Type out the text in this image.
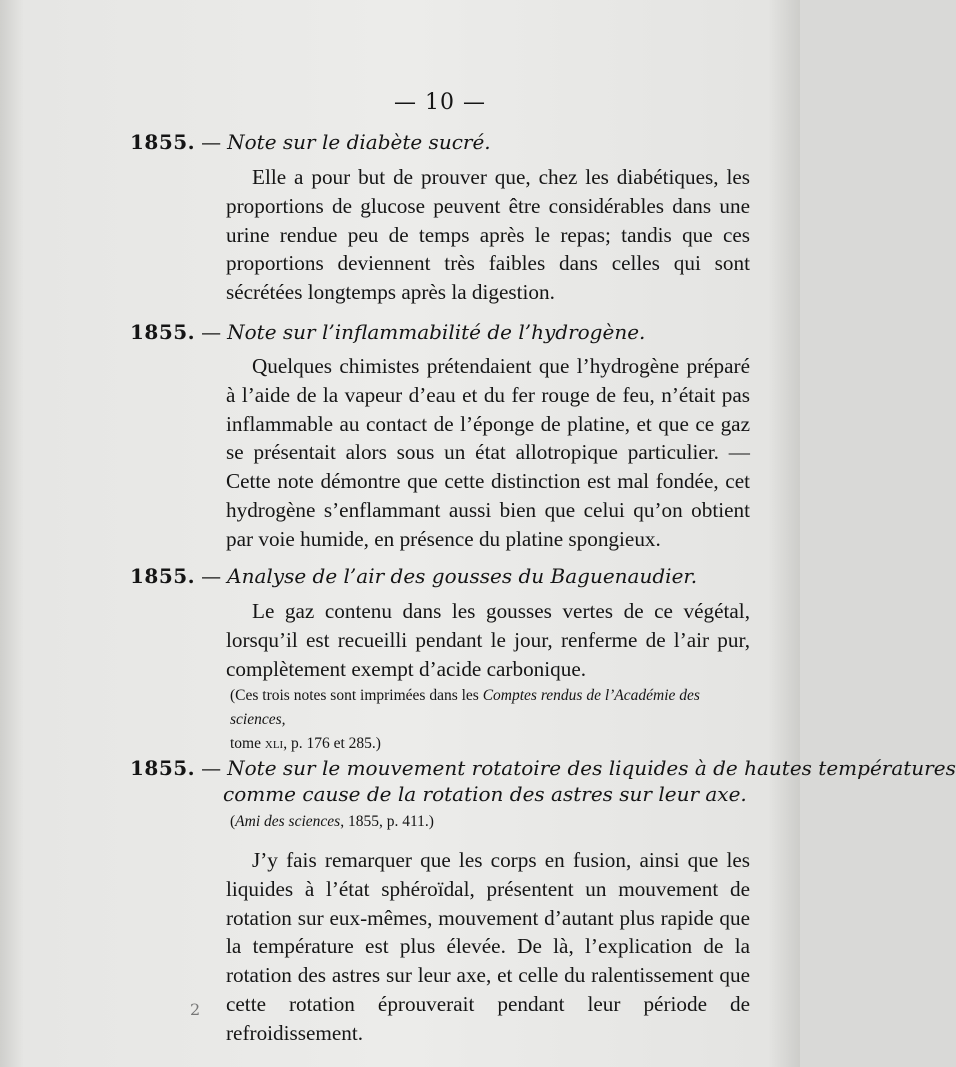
— 10 —
1855. — Note sur le diabète sucré.

Elle a pour but de prouver que, chez les diabétiques, les proportions de glucose peuvent être considérables dans une urine rendue peu de temps après le repas; tandis que ces proportions deviennent très faibles dans celles qui sont sécrétées longtemps après la digestion.

1855. — Note sur l’inflammabilité de l’hydrogène.

Quelques chimistes prétendaient que l’hydrogène préparé à l’aide de la vapeur d’eau et du fer rouge de feu, n’était pas inflammable au contact de l’éponge de platine, et que ce gaz se présentait alors sous un état allotropique particulier. — Cette note démontre que cette distinction est mal fondée, cet hydrogène s’enflammant aussi bien que celui qu’on obtient par voie humide, en présence du platine spongieux.

1855. — Analyse de l’air des gousses du Baguenaudier.

Le gaz contenu dans les gousses vertes de ce végétal, lorsqu’il est recueilli pendant le jour, renferme de l’air pur, complètement exempt d’acide carbonique.

(Ces trois notes sont imprimées dans les Comptes rendus de l’Académie des sciences,
tome xli, p. 176 et 285.)

1855. — Note sur le mouvement rotatoire des liquides à de hautes températures
comme cause de la rotation des astres sur leur axe.

(Ami des sciences, 1855, p. 411.)

J’y fais remarquer que les corps en fusion, ainsi que les liquides à l’état sphéroïdal, présentent un mouvement de rotation sur eux-mêmes, mouvement d’autant plus rapide que la température est plus élevée. De là, l’explication de la rotation des astres sur leur axe, et celle du ralentissement que cette rotation éprouverait pendant leur période de refroidissement.

2
